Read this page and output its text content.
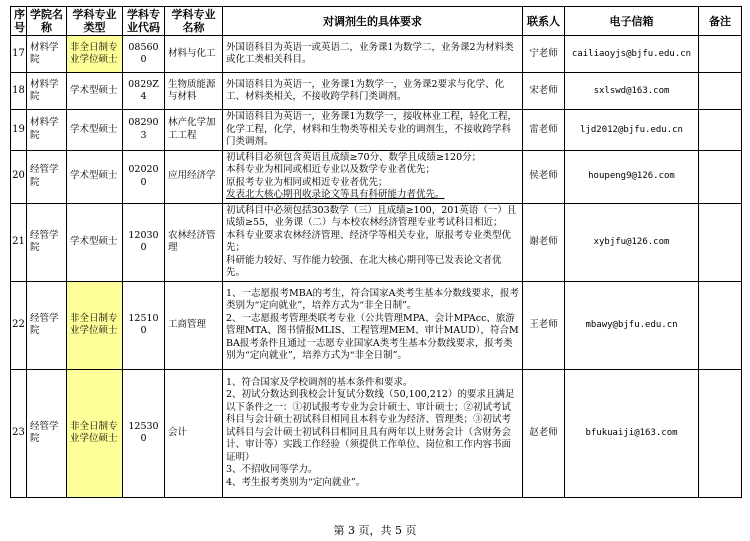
序号	学院名称	学科专业类型	学科专业代码	学科专业名称	对调剂生的具体要求	联系人	电子信箱	备注
17	材料学院	非全日制专业学位硕士	085600	材料与化工	外国语科目为英语一或英语二，业务课1为数学二，业务课2为材料类或化工类相关科目。	宁老师	cailiaoyjs@bjfu.edu.cn	
18	材料学院	学术型硕士	0829Z4	生物质能源与材料	外国语科目为英语一，业务课1为数学一，业务课2要求与化学、化工、材料类相关，不接收跨学科门类调剂。	宋老师	sxlswd@163.com	
19	材料学院	学术型硕士	082903	林产化学加工工程	外国语科目为英语一，业务课1为数学一，接收林业工程，轻化工程，化学工程，化学，材料和生物类等相关专业的调剂生，不接收跨学科门类调剂。	雷老师	ljd2012@bjfu.edu.cn	
20	经管学院	学术型硕士	020200	应用经济学	初试科目必须包含英语且成绩≥70分、数学且成绩≥120分；
本科专业为相同或相近专业以及数学专业者优先；
原报考专业为相同或相近专业者优先；
发表北大核心期刊收录论文等具有科研能力者优先。	侯老师	houpeng9@126.com	
21	经管学院	学术型硕士	120300	农林经济管理	初试科目中必须包括303数学（三）且成绩≥100，201英语（一）且成绩≥55，业务课（二）与本校农林经济管理专业考试科目相近；
本科专业要求农林经济管理、经济学等相关专业，原报考专业类型优先；
科研能力较好、写作能力较强、在北大核心期刊等已发表论文者优先。	谢老师	xybjfu@126.com	
22	经管学院	非全日制专业学位硕士	125100	工商管理	1、一志愿报考MBA的考生，符合国家A类考生基本分数线要求，报考类别为“定向就业”，培养方式为“非全日制”。
2、一志愿报考管理类联考专业（公共管理MPA、会计MPAcc、旅游管理MTA、图书情报MLIS、工程管理MEM、审计MAUD），符合MBA报考条件且通过一志愿专业国家A类考生基本分数线要求，报考类别为“定向就业”，培养方式为“非全日制”。	王老师	mbawy@bjfu.edu.cn	
23	经管学院	非全日制专业学位硕士	125300	会计	1、符合国家及学校调剂的基本条件和要求。
2、初试分数达到我校会计复试分数线（50,100,212）的要求且满足以下条件之一：①初试报考专业为会计硕士、审计硕士；②初试考试科目与会计硕士初试科目相同且本科专业为经济、管理类；③初试考试科目与会计硕士初试科目相同且具有两年以上财务会计（含财务会计、审计等）实践工作经验（须提供工作单位、岗位和工作内容书面证明）
3、不招收同等学力。
4、考生报考类别为“定向就业”。	赵老师	bfukuaiji@163.com	
第 3 页，共 5 页
